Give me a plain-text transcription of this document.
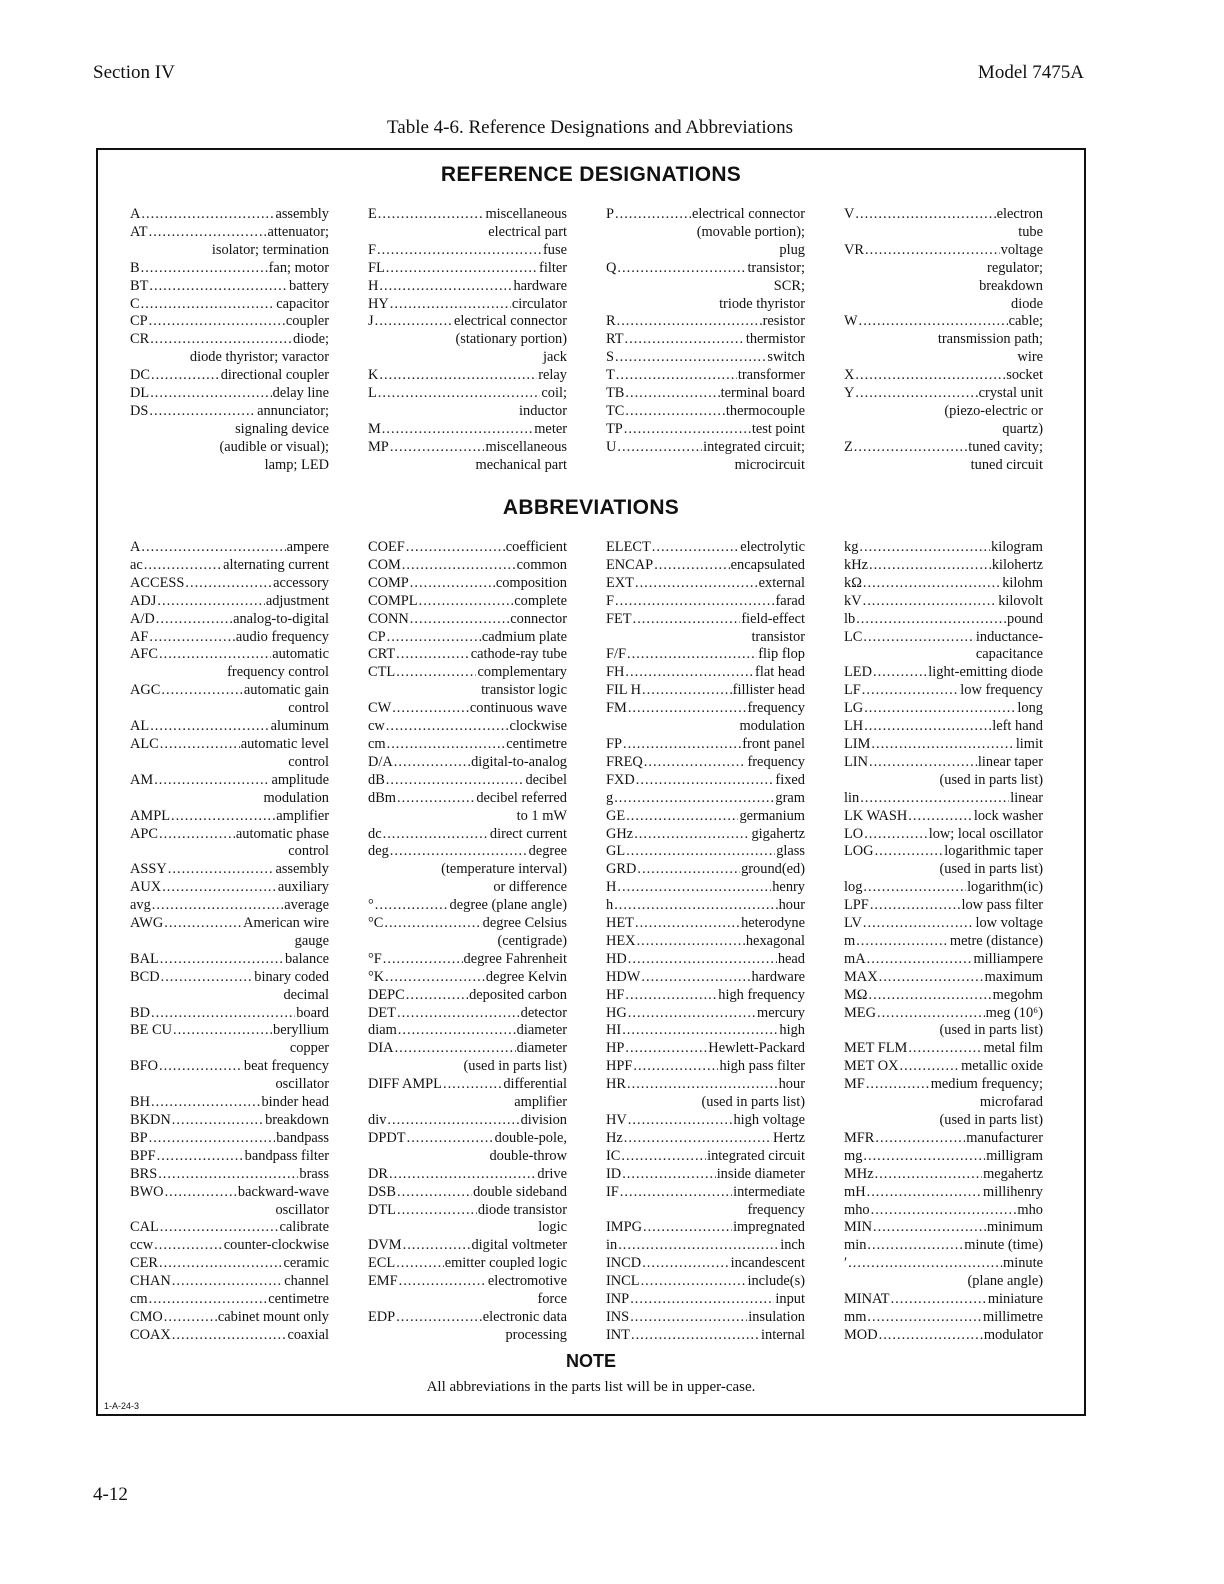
Section IV	Model 7475A
Table 4-6. Reference Designations and Abbreviations
REFERENCE DESIGNATIONS
A .....	assembly
AT .....	attenuator;
isolator; termination
B .....	fan; motor
BT .....	battery
C .....	capacitor
CP .....	coupler
CR .....	diode;
diode thyristor; varactor
DC .....	directional coupler
DL .....	delay line
DS .....	annunciator;
signaling device
(audible or visual);
lamp; LED
E .....	miscellaneous
electrical part
F .....	fuse
FL .....	filter
H .....	hardware
HY .....	circulator
J .....	electrical connector
(stationary portion)
jack
K .....	relay
L .....	coil;
inductor
M .....	meter
MP .....	miscellaneous
mechanical part
P .....	electrical connector
(movable portion);
plug
Q .....	transistor;
SCR;
triode thyristor
R .....	resistor
RT .....	thermistor
S .....	switch
T .....	transformer
TB .....	terminal board
TC .....	thermocouple
TP .....	test point
U .....	integrated circuit;
microcircuit
V .....	electron
tube
VR .....	voltage
regulator;
breakdown
diode
W .....	cable;
transmission path;
wire
X .....	socket
Y .....	crystal unit
(piezo-electric or
quartz)
Z .....	tuned cavity;
tuned circuit
ABBREVIATIONS
A .....	ampere
ac .....	alternating current
ACCESS .....	accessory
ADJ .....	adjustment
A/D .....	analog-to-digital
AF .....	audio frequency
AFC .....	automatic
frequency control
AGC .....	automatic gain
control
AL .....	aluminum
ALC .....	automatic level
control
AM .....	amplitude
modulation
AMPL .....	amplifier
APC .....	automatic phase
control
ASSY .....	assembly
AUX .....	auxiliary
avg .....	average
AWG .....	American wire
gauge
BAL .....	balance
BCD .....	binary coded
decimal
BD .....	board
BE CU .....	beryllium
copper
BFO .....	beat frequency
oscillator
BH .....	binder head
BKDN .....	breakdown
BP .....	bandpass
BPF .....	bandpass filter
BRS .....	brass
BWO .....	backward-wave
oscillator
CAL .....	calibrate
ccw .....	counter-clockwise
CER .....	ceramic
CHAN .....	channel
cm .....	centimetre
CMO .....	cabinet mount only
COAX .....	coaxial
COEF .....	coefficient
COM .....	common
COMP .....	composition
COMPL .....	complete
CONN .....	connector
CP .....	cadmium plate
CRT .....	cathode-ray tube
CTL .....	complementary
transistor logic
CW .....	continuous wave
cw .....	clockwise
cm .....	centimetre
D/A .....	digital-to-analog
dB .....	decibel
dBm .....	decibel referred
to 1 mW
dc .....	direct current
deg .....	degree
(temperature interval)
or difference
° .....	degree (plane angle)
°C .....	degree Celsius
(centigrade)
°F .....	degree Fahrenheit
°K .....	degree Kelvin
DEPC .....	deposited carbon
DET .....	detector
diam .....	diameter
DIA .....	diameter
(used in parts list)
DIFF AMPL .....	differential
amplifier
div .....	division
DPDT .....	double-pole,
double-throw
DR .....	drive
DSB .....	double sideband
DTL .....	diode transistor
logic
DVM .....	digital voltmeter
ECL .....	emitter coupled logic
EMF .....	electromotive
force
EDP .....	electronic data
processing
ELECT .....	electrolytic
ENCAP .....	encapsulated
EXT .....	external
F .....	farad
FET .....	field-effect
transistor
F/F .....	flip flop
FH .....	flat head
FIL H .....	fillister head
FM .....	frequency
modulation
FP .....	front panel
FREQ .....	frequency
FXD .....	fixed
g .....	gram
GE .....	germanium
GHz .....	gigahertz
GL .....	glass
GRD .....	ground(ed)
H .....	henry
h .....	hour
HET .....	heterodyne
HEX .....	hexagonal
HD .....	head
HDW .....	hardware
HF .....	high frequency
HG .....	mercury
HI .....	high
HP .....	Hewlett-Packard
HPF .....	high pass filter
HR .....	hour
(used in parts list)
HV .....	high voltage
Hz .....	Hertz
IC .....	integrated circuit
ID .....	inside diameter
IF .....	intermediate
frequency
IMPG .....	impregnated
in .....	inch
INCD .....	incandescent
INCL .....	include(s)
INP .....	input
INS .....	insulation
INT .....	internal
kg .....	kilogram
kHz .....	kilohertz
kΩ .....	kilohm
kV .....	kilovolt
lb .....	pound
LC .....	inductance-
capacitance
LED .....	light-emitting diode
LF .....	low frequency
LG .....	long
LH .....	left hand
LIM .....	limit
LIN .....	linear taper
(used in parts list)
lin .....	linear
LK WASH .....	lock washer
LO .....	low; local oscillator
LOG .....	logarithmic taper
(used in parts list)
log .....	logarithm(ic)
LPF .....	low pass filter
LV .....	low voltage
m .....	metre (distance)
mA .....	milliampere
MAX .....	maximum
MΩ .....	megohm
MEG .....	meg (10⁶)
(used in parts list)
MET FLM .....	metal film
MET OX .....	metallic oxide
MF .....	medium frequency;
microfarad
(used in parts list)
MFR .....	manufacturer
mg .....	milligram
MHz .....	megahertz
mH .....	millihenry
mho .....	mho
MIN .....	minimum
min .....	minute (time)
′ .....	minute
(plane angle)
MINAT .....	miniature
mm .....	millimetre
MOD .....	modulator
NOTE
All abbreviations in the parts list will be in upper-case.
1-A-24-3
4-12
